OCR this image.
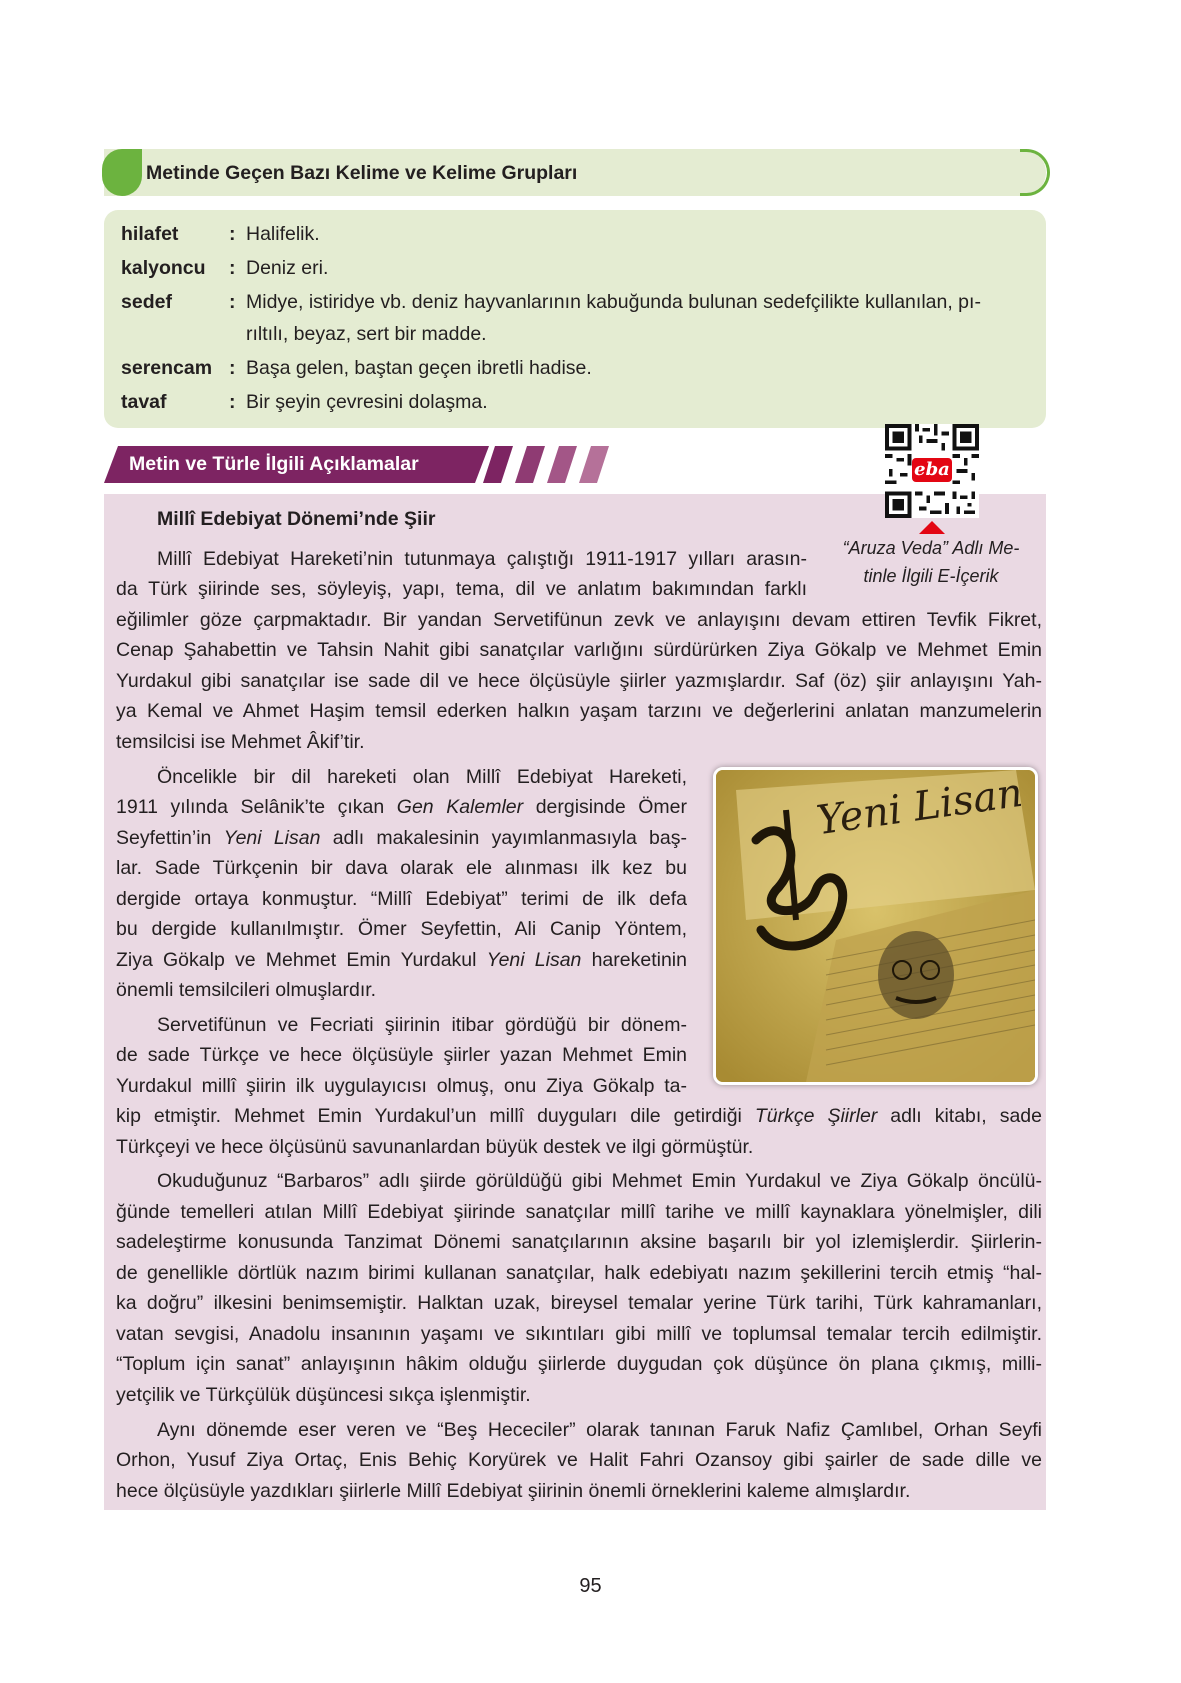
Metinde Geçen Bazı Kelime ve Kelime Grupları
hilafet	: Halifelik.
kalyoncu : Deniz eri.
sedef	: Midye, istiridye vb. deniz hayvanlarının kabuğunda bulunan sedefçilikte kullanılan, pı-
rıltılı, beyaz, sert bir madde.
serencam : Başa gelen, baştan geçen ibretli hadise.
tavaf	: Bir şeyin çevresini dolaşma.
Metin ve Türle İlgili Açıklamalar	eba
“Aruza Veda” Adlı Me-
tinle İlgili E-İçerik
Yeni Lisan
Millî Edebiyat Dönemi’nde Şiir
Millî Edebiyat Hareketi’nin tutunmaya çalıştığı 1911-1917 yılları arasın-
da Türk şiirinde ses, söyleyiş, yapı, tema, dil ve anlatım bakımından farklı
eğilimler göze çarpmaktadır. Bir yandan Servetifünun zevk ve anlayışını devam ettiren Tevfik Fikret,
Cenap Şahabettin ve Tahsin Nahit gibi sanatçılar varlığını sürdürürken Ziya Gökalp ve Mehmet Emin
Yurdakul gibi sanatçılar ise sade dil ve hece ölçüsüyle şiirler yazmışlardır. Saf (öz) şiir anlayışını Yah-
ya Kemal ve Ahmet Haşim temsil ederken halkın yaşam tarzını ve değerlerini anlatan manzumelerin
temsilcisi ise Mehmet Âkif’tir.
Öncelikle bir dil hareketi olan Millî Edebiyat Hareketi,
1911 yılında Selânik’te çıkan Gen Kalemler dergisinde Ömer
Seyfettin’in Yeni Lisan adlı makalesinin yayımlanmasıyla baş-
lar. Sade Türkçenin bir dava olarak ele alınması ilk kez bu
dergide ortaya konmuştur. “Millî Edebiyat” terimi de ilk defa
bu dergide kullanılmıştır. Ömer Seyfettin, Ali Canip Yöntem,
Ziya Gökalp ve Mehmet Emin Yurdakul Yeni Lisan hareketinin
önemli temsilcileri olmuşlardır.
Servetifünun ve Fecriati şiirinin itibar gördüğü bir dönem-
de sade Türkçe ve hece ölçüsüyle şiirler yazan Mehmet Emin
Yurdakul millî şiirin ilk uygulayıcısı olmuş, onu Ziya Gökalp ta-
kip etmiştir. Mehmet Emin Yurdakul’un millî duyguları dile getirdiği Türkçe Şiirler adlı kitabı, sade
Türkçeyi ve hece ölçüsünü savunanlardan büyük destek ve ilgi görmüştür.
Okuduğunuz “Barbaros” adlı şiirde görüldüğü gibi Mehmet Emin Yurdakul ve Ziya Gökalp öncülü-
ğünde temelleri atılan Millî Edebiyat şiirinde sanatçılar millî tarihe ve millî kaynaklara yönelmişler, dili
sadeleştirme konusunda Tanzimat Dönemi sanatçılarının aksine başarılı bir yol izlemişlerdir. Şiirlerin-
de genellikle dörtlük nazım birimi kullanan sanatçılar, halk edebiyatı nazım şekillerini tercih etmiş “hal-
ka doğru” ilkesini benimsemiştir. Halktan uzak, bireysel temalar yerine Türk tarihi, Türk kahramanları,
vatan sevgisi, Anadolu insanının yaşamı ve sıkıntıları gibi millî ve toplumsal temalar tercih edilmiştir.
“Toplum için sanat” anlayışının hâkim olduğu şiirlerde duygudan çok düşünce ön plana çıkmış, milli-
yetçilik ve Türkçülük düşüncesi sıkça işlenmiştir.
Aynı dönemde eser veren ve “Beş Hececiler” olarak tanınan Faruk Nafiz Çamlıbel, Orhan Seyfi
Orhon, Yusuf Ziya Ortaç, Enis Behiç Koryürek ve Halit Fahri Ozansoy gibi şairler de sade dille ve
hece ölçüsüyle yazdıkları şiirlerle Millî Edebiyat şiirinin önemli örneklerini kaleme almışlardır.
95
